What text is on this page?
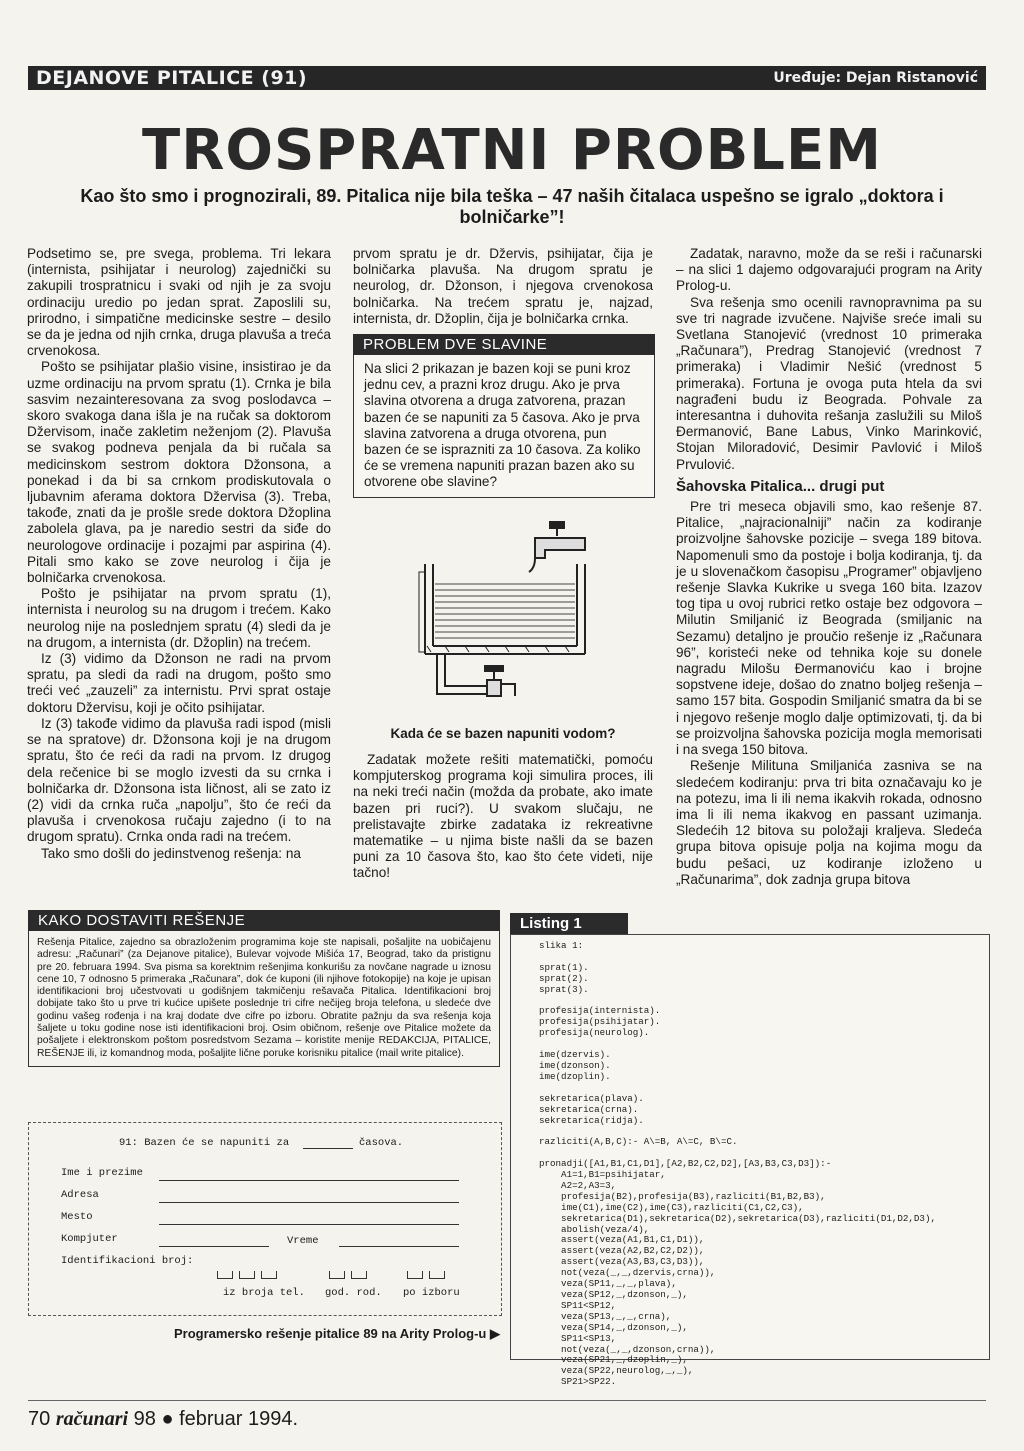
DEJANOVE PITALICE (91)	Uređuje: Dejan Ristanović
TROSPRATNI PROBLEM
Kao što smo i prognozirali, 89. Pitalica nije bila teška – 47 naših čitalaca uspešno se igralo „doktora i bolničarke”!

Podsetimo se, pre svega, problema. Tri lekara (internista, psihijatar i neurolog) zajednički su zakupili trospratnicu i svaki od njih je za svoju ordinaciju uredio po jedan sprat. Zaposlili su, prirodno, i simpatične medicinske sestre – desilo se da je jedna od njih crnka, druga plavuša a treća crvenokosa.

Pošto se psihijatar plašio visine, insistirao je da uzme ordinaciju na prvom spratu (1). Crnka je bila sasvim nezainteresovana za svog poslodavca – skoro svakoga dana išla je na ručak sa doktorom Džervisom, inače zakletim neženjom (2). Plavuša se svakog podneva penjala da bi ručala sa medicinskom sestrom doktora Džonsona, a ponekad i da bi sa crnkom prodiskutovala o ljubavnim aferama doktora Džervisa (3). Treba, takođe, znati da je prošle srede doktora Džoplina zabolela glava, pa je naredio sestri da siđe do neurologove ordinacije i pozajmi par aspirina (4). Pitali smo kako se zove neurolog i čija je bolničarka crvenokosa.

Pošto je psihijatar na prvom spratu (1), internista i neurolog su na drugom i trećem. Kako neurolog nije na poslednjem spratu (4) sledi da je na drugom, a internista (dr. Džoplin) na trećem.

Iz (3) vidimo da Džonson ne radi na prvom spratu, pa sledi da radi na drugom, pošto smo treći već „zauzeli” za internistu. Prvi sprat ostaje doktoru Džervisu, koji je očito psihijatar.

Iz (3) takođe vidimo da plavuša radi ispod (misli se na spratove) dr. Džonsona koji je na drugom spratu, što će reći da radi na prvom. Iz drugog dela rečenice bi se moglo izvesti da su crnka i bolničarka dr. Džonsona ista ličnost, ali se zato iz (2) vidi da crnka ruča „napolju”, što će reći da plavuša i crvenokosa ručaju zajedno (i to na drugom spratu). Crnka onda radi na trećem.

Tako smo došli do jedinstvenog rešenja: na

prvom spratu je dr. Džervis, psihijatar, čija je bolničarka plavuša. Na drugom spratu je neurolog, dr. Džonson, i njegova crvenokosa bolničarka. Na trećem spratu je, najzad, internista, dr. Džoplin, čija je bolničarka crnka.

PROBLEM DVE SLAVINE
Na slici 2 prikazan je bazen koji se puni kroz jednu cev, a prazni kroz drugu. Ako je prva slavina otvorena a druga zatvorena, prazan bazen će se napuniti za 5 časova. Ako je prva slavina zatvorena a druga otvorena, pun bazen će se isprazniti za 10 časova. Za koliko će se vremena napuniti prazan bazen ako su otvorene obe slavine?
Kada će se bazen napuniti vodom?

Zadatak možete rešiti matematički, pomoću kompjuterskog programa koji simulira proces, ili na neki treći način (možda da probate, ako imate bazen pri ruci?). U svakom slučaju, ne prelistavajte zbirke zadataka iz rekreativne matematike – u njima biste našli da se bazen puni za 10 časova što, kao što ćete videti, nije tačno!

Zadatak, naravno, može da se reši i računarski – na slici 1 dajemo odgovarajući program na Arity Prolog-u.

Sva rešenja smo ocenili ravnopravnima pa su sve tri nagrade izvučene. Najviše sreće imali su Svetlana Stanojević (vrednost 10 primeraka „Računara”), Predrag Stanojević (vrednost 7 primeraka) i Vladimir Nešić (vrednost 5 primeraka). Fortuna je ovoga puta htela da svi nagrađeni budu iz Beograda. Pohvale za interesantna i duhovita rešanja zaslužili su Miloš Đermanović, Bane Labus, Vinko Marinković, Stojan Miloradović, Desimir Pavlović i Miloš Prvulović.

Šahovska Pitalica... drugi put

Pre tri meseca objavili smo, kao rešenje 87. Pitalice, „najracionalniji” način za kodiranje proizvoljne šahovske pozicije – svega 189 bitova. Napomenuli smo da postoje i bolja kodiranja, tj. da je u slovenačkom časopisu „Programer” objavljeno rešenje Slavka Kukrike u svega 160 bita. Izazov tog tipa u ovoj rubrici retko ostaje bez odgovora – Milutin Smiljanić iz Beograda (smiljanic na Sezamu) detaljno je proučio rešenje iz „Računara 96”, koristeći neke od tehnika koje su donele nagradu Milošu Đermanoviću kao i brojne sopstvene ideje, došao do znatno boljeg rešenja – samo 157 bita. Gospodin Smiljanić smatra da bi se i njegovo rešenje moglo dalje optimizovati, tj. da bi se proizvoljna šahovska pozicija mogla memorisati i na svega 150 bitova.

Rešenje Milituna Smiljanića zasniva se na sledećem kodiranju: prva tri bita označavaju ko je na potezu, ima li ili nema ikakvih rokada, odnosno ima li ili nema ikakvog en passant uzimanja. Sledećih 12 bitova su položaji kraljeva. Sledeća grupa bitova opisuje polja na kojima mogu da budu pešaci, uz kodiranje izloženo u „Računarima”, dok zadnja grupa bitova

KAKO DOSTAVITI REŠENJE
Rešenja Pitalice, zajedno sa obrazloženim programima koje ste napisali, pošaljite na uobičajenu adresu: „Računari” (za Dejanove pitalice), Bulevar vojvode Mišića 17, Beograd, tako da pristignu pre 20. februara 1994. Sva pisma sa korektnim rešenjima konkurišu za novčane nagrade u iznosu cene 10, 7 odnosno 5 primeraka „Računara”, dok će kuponi (ili njihove fotokopije) na koje je upisan identifikacioni broj učestvovati u godišnjem takmičenju rešavača Pitalica. Identifikacioni broj dobijate tako što u prve tri kućice upišete poslednje tri cifre nečijeg broja telefona, u sledeće dve godinu vašeg rođenja i na kraj dodate dve cifre po izboru. Obratite pažnju da sva rešenja koja šaljete u toku godine nose isti identifikacioni broj. Osim običnom, rešenje ove Pitalice možete da pošaljete i elektronskom poštom posredstvom Sezama – koristite menije REDAKCIJA, PITALICE, REŠENJE ili, iz komandnog moda, pošaljite lične poruke korisniku pitalice (mail write pitalice).
91: Bazen će se napuniti za	časova.
Ime i prezime
Adresa
Mesto
Kompjuter	Vreme
Identifikacioni broj:
iz broja tel. god. rod. po izboru
Programersko rešenje pitalice 89 na Arity Prolog-u ▶
Listing 1
slika 1:

sprat(1).
sprat(2).
sprat(3).

profesija(internista).
profesija(psihijatar).
profesija(neurolog).

ime(dzervis).
ime(dzonson).
ime(dzoplin).

sekretarica(plava).
sekretarica(crna).
sekretarica(ridja).

razliciti(A,B,C):- A\=B, A\=C, B\=C.

pronadji([A1,B1,C1,D1],[A2,B2,C2,D2],[A3,B3,C3,D3]):-
A1=1,B1=psihijatar,
A2=2,A3=3,
profesija(B2),profesija(B3),razliciti(B1,B2,B3),
ime(C1),ime(C2),ime(C3),razliciti(C1,C2,C3),
sekretarica(D1),sekretarica(D2),sekretarica(D3),razliciti(D1,D2,D3),
abolish(veza/4),
assert(veza(A1,B1,C1,D1)),
assert(veza(A2,B2,C2,D2)),
assert(veza(A3,B3,C3,D3)),
not(veza(_,_,dzervis,crna)),
veza(SP11,_,_,plava),
veza(SP12,_,dzonson,_),
SP11<SP12,
veza(SP13,_,_,crna),
veza(SP14,_,dzonson,_),
SP11<SP13,
not(veza(_,_,dzonson,crna)),
veza(SP21,_,dzoplin,_),
veza(SP22,neurolog,_,_),
SP21>SP22.
70 računari 98 ● februar 1994.
